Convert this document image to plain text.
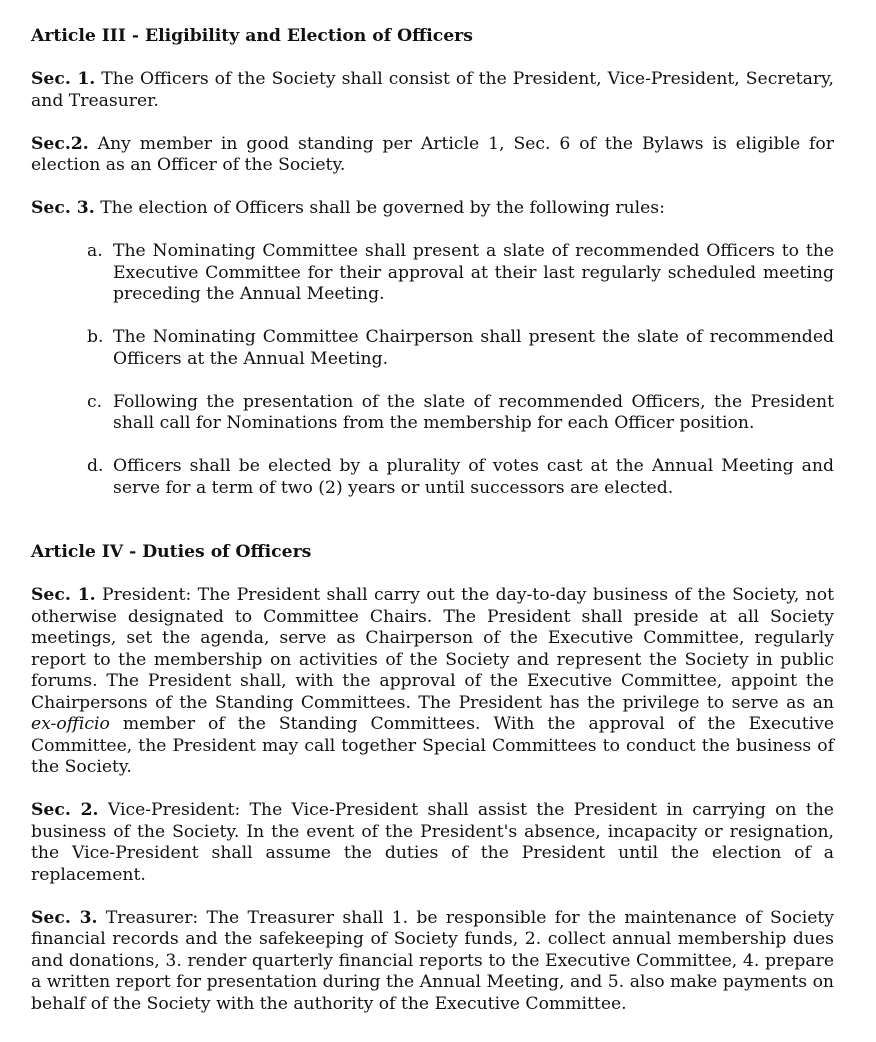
Article III - Eligibility and Election of Officers

Sec. 1. The Officers of the Society shall consist of the President, Vice-President, Secretary, and Treasurer.

Sec.2. Any member in good standing per Article 1, Sec. 6 of the Bylaws is eligible for election as an Officer of the Society.

Sec. 3. The election of Officers shall be governed by the following rules:

a. The Nominating Committee shall present a slate of recommended Officers to the Executive Committee for their approval at their last regularly scheduled meeting preceding the Annual Meeting.
b. The Nominating Committee Chairperson shall present the slate of recommended Officers at the Annual Meeting.
c. Following the presentation of the slate of recommended Officers, the President shall call for Nominations from the membership for each Officer position.
d. Officers shall be elected by a plurality of votes cast at the Annual Meeting and serve for a term of two (2) years or until successors are elected.

Article IV - Duties of Officers

Sec. 1. President: The President shall carry out the day-to-day business of the Society, not otherwise designated to Committee Chairs. The President shall preside at all Society meetings, set the agenda, serve as Chairperson of the Executive Committee, regularly report to the membership on activities of the Society and represent the Society in public forums. The President shall, with the approval of the Executive Committee, appoint the Chairpersons of the Standing Committees. The President has the privilege to serve as an ex-officio member of the Standing Committees. With the approval of the Executive Committee, the President may call together Special Committees to conduct the business of the Society.

Sec. 2. Vice-President: The Vice-President shall assist the President in carrying on the business of the Society. In the event of the President's absence, incapacity or resignation, the Vice-President shall assume the duties of the President until the election of a replacement.

Sec. 3. Treasurer: The Treasurer shall 1. be responsible for the maintenance of Society financial records and the safekeeping of Society funds, 2. collect annual membership dues and donations, 3. render quarterly financial reports to the Executive Committee, 4. prepare a written report for presentation during the Annual Meeting, and 5. also make payments on behalf of the Society with the authority of the Executive Committee.
